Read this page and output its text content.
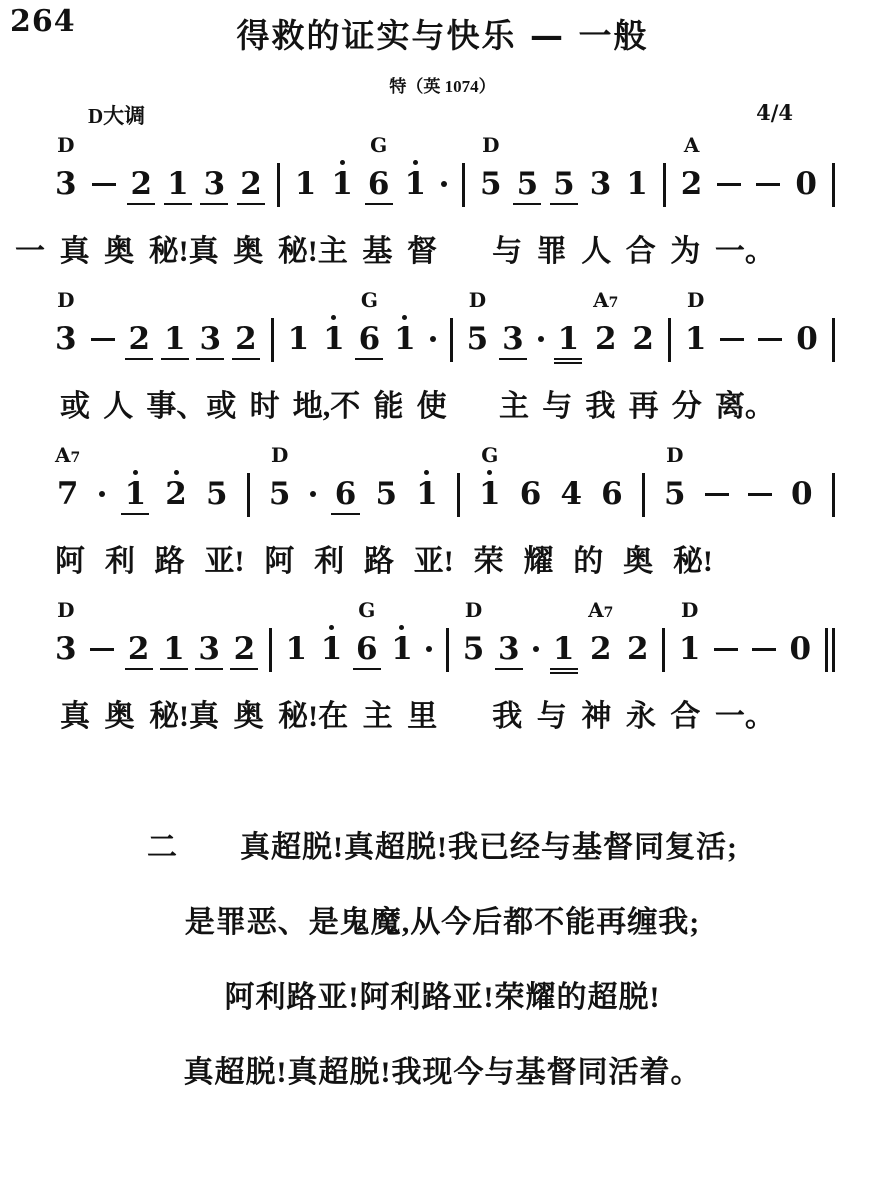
264	得救的证实与快乐 — 一般
特（英 1074）
D大调	4/4
D
3 2 1 3 2 1 1
G
6 1
D
5 5 5 3 1
A
2	0
D
3 2 1 3 2 1 1
G
6 1
D
5 3 1
A7
2 2
D
1	0
A7
7 1 2 5
D
5 6 5 1
G
1 6 4 6
D
5	0
D
3 2 1 3 2 1 1
G
6 1
D
5 3 1
A7
2 2
D
1	0
一 真 奥 秘!真 奥 秘!主 基 督 与 罪 人 合 为 一。
或 人 事、或 时 地,不 能 使 主 与 我 再 分 离。
阿 利 路 亚! 阿 利 路 亚! 荣 耀 的 奥 秘!
真 奥 秘!真 奥 秘!在 主 里 我 与 神 永 合 一。
二　　真超脱!真超脱!我已经与基督同复活;
是罪恶、是鬼魔,从今后都不能再缠我;
阿利路亚!阿利路亚!荣耀的超脱!
真超脱!真超脱!我现今与基督同活着。
